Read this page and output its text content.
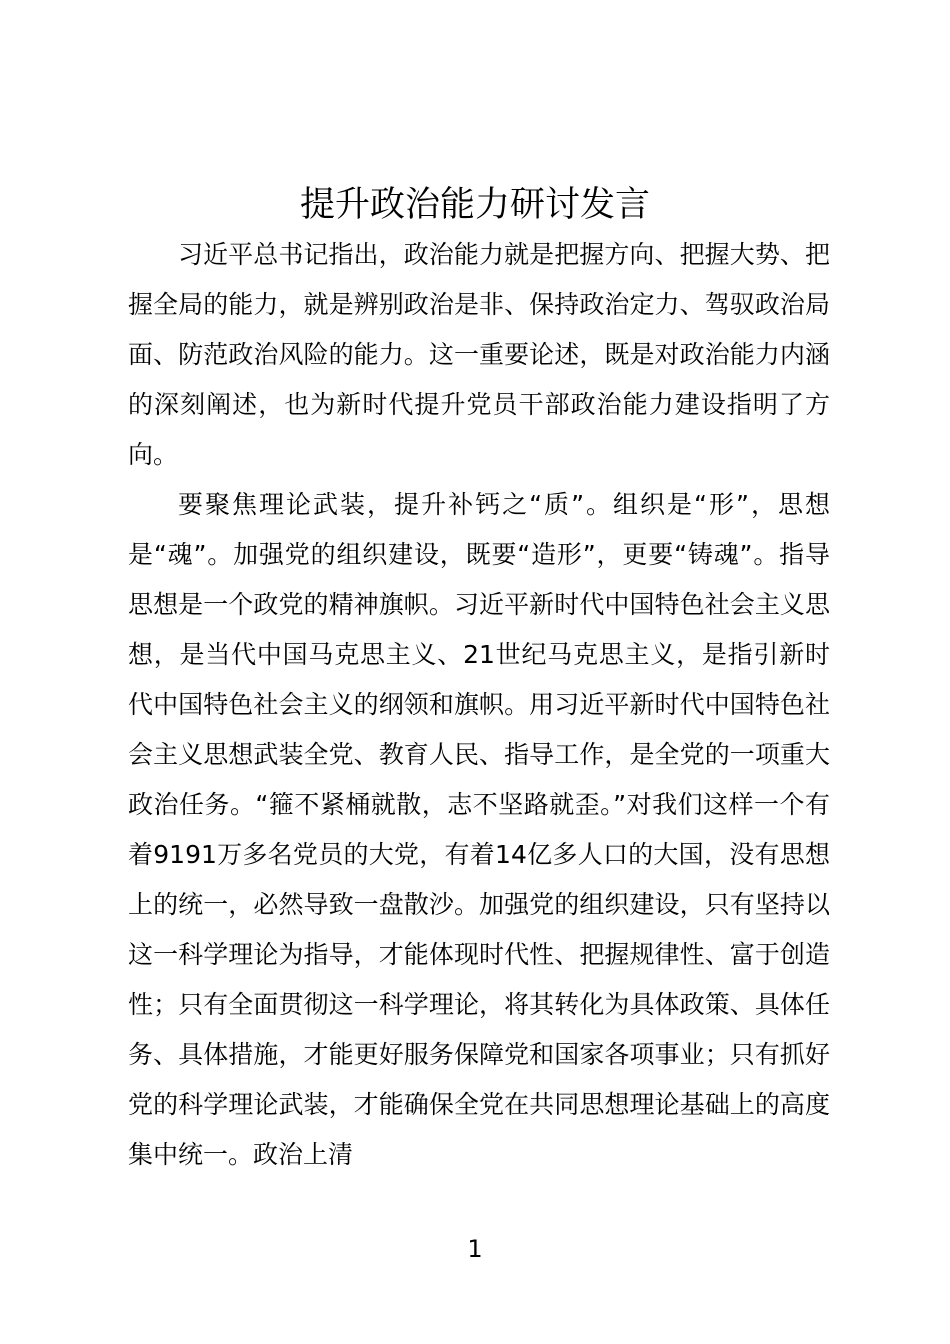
提升政治能力研讨发言

习近平总书记指出，政治能力就是把握方向、把握大势、把握全局的能力，就是辨别政治是非、保持政治定力、驾驭政治局面、防范政治风险的能力。这一重要论述，既是对政治能力内涵的深刻阐述，也为新时代提升党员干部政治能力建设指明了方向。

要聚焦理论武装，提升补钙之“质”。组织是“形”，思想是“魂”。加强党的组织建设，既要“造形”，更要“铸魂”。指导思想是一个政党的精神旗帜。习近平新时代中国特色社会主义思想，是当代中国马克思主义、21世纪马克思主义，是指引新时代中国特色社会主义的纲领和旗帜。用习近平新时代中国特色社会主义思想武装全党、教育人民、指导工作，是全党的一项重大政治任务。“箍不紧桶就散，志不坚路就歪。”对我们这样一个有着9191万多名党员的大党，有着14亿多人口的大国，没有思想上的统一，必然导致一盘散沙。加强党的组织建设，只有坚持以这一科学理论为指导，才能体现时代性、把握规律性、富于创造性；只有全面贯彻这一科学理论，将其转化为具体政策、具体任务、具体措施，才能更好服务保障党和国家各项事业；只有抓好党的科学理论武装，才能确保全党在共同思想理论基础上的高度集中统一。政治上清

1
